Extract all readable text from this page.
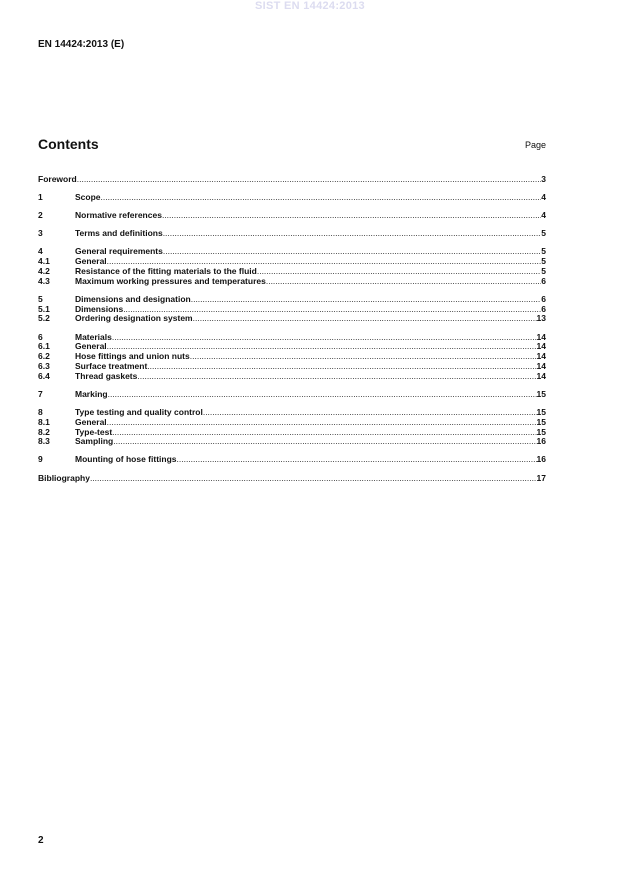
SIST EN 14424:2013
EN 14424:2013 (E)
Contents	Page
Foreword .....	3
1	Scope .....	4
2	Normative references .....	4
3	Terms and definitions .....	5
4	General requirements .....	5
4.1	General .....	5
4.2	Resistance of the fitting materials to the fluid .....	5
4.3	Maximum working pressures and temperatures .....	6
5	Dimensions and designation .....	6
5.1	Dimensions .....	6
5.2	Ordering designation system .....	13
6	Materials .....	14
6.1	General .....	14
6.2	Hose fittings and union nuts .....	14
6.3	Surface treatment .....	14
6.4	Thread gaskets .....	14
7	Marking .....	15
8	Type testing and quality control .....	15
8.1	General .....	15
8.2	Type-test .....	15
8.3	Sampling .....	16
9	Mounting of hose fittings .....	16
Bibliography .....	17
2
